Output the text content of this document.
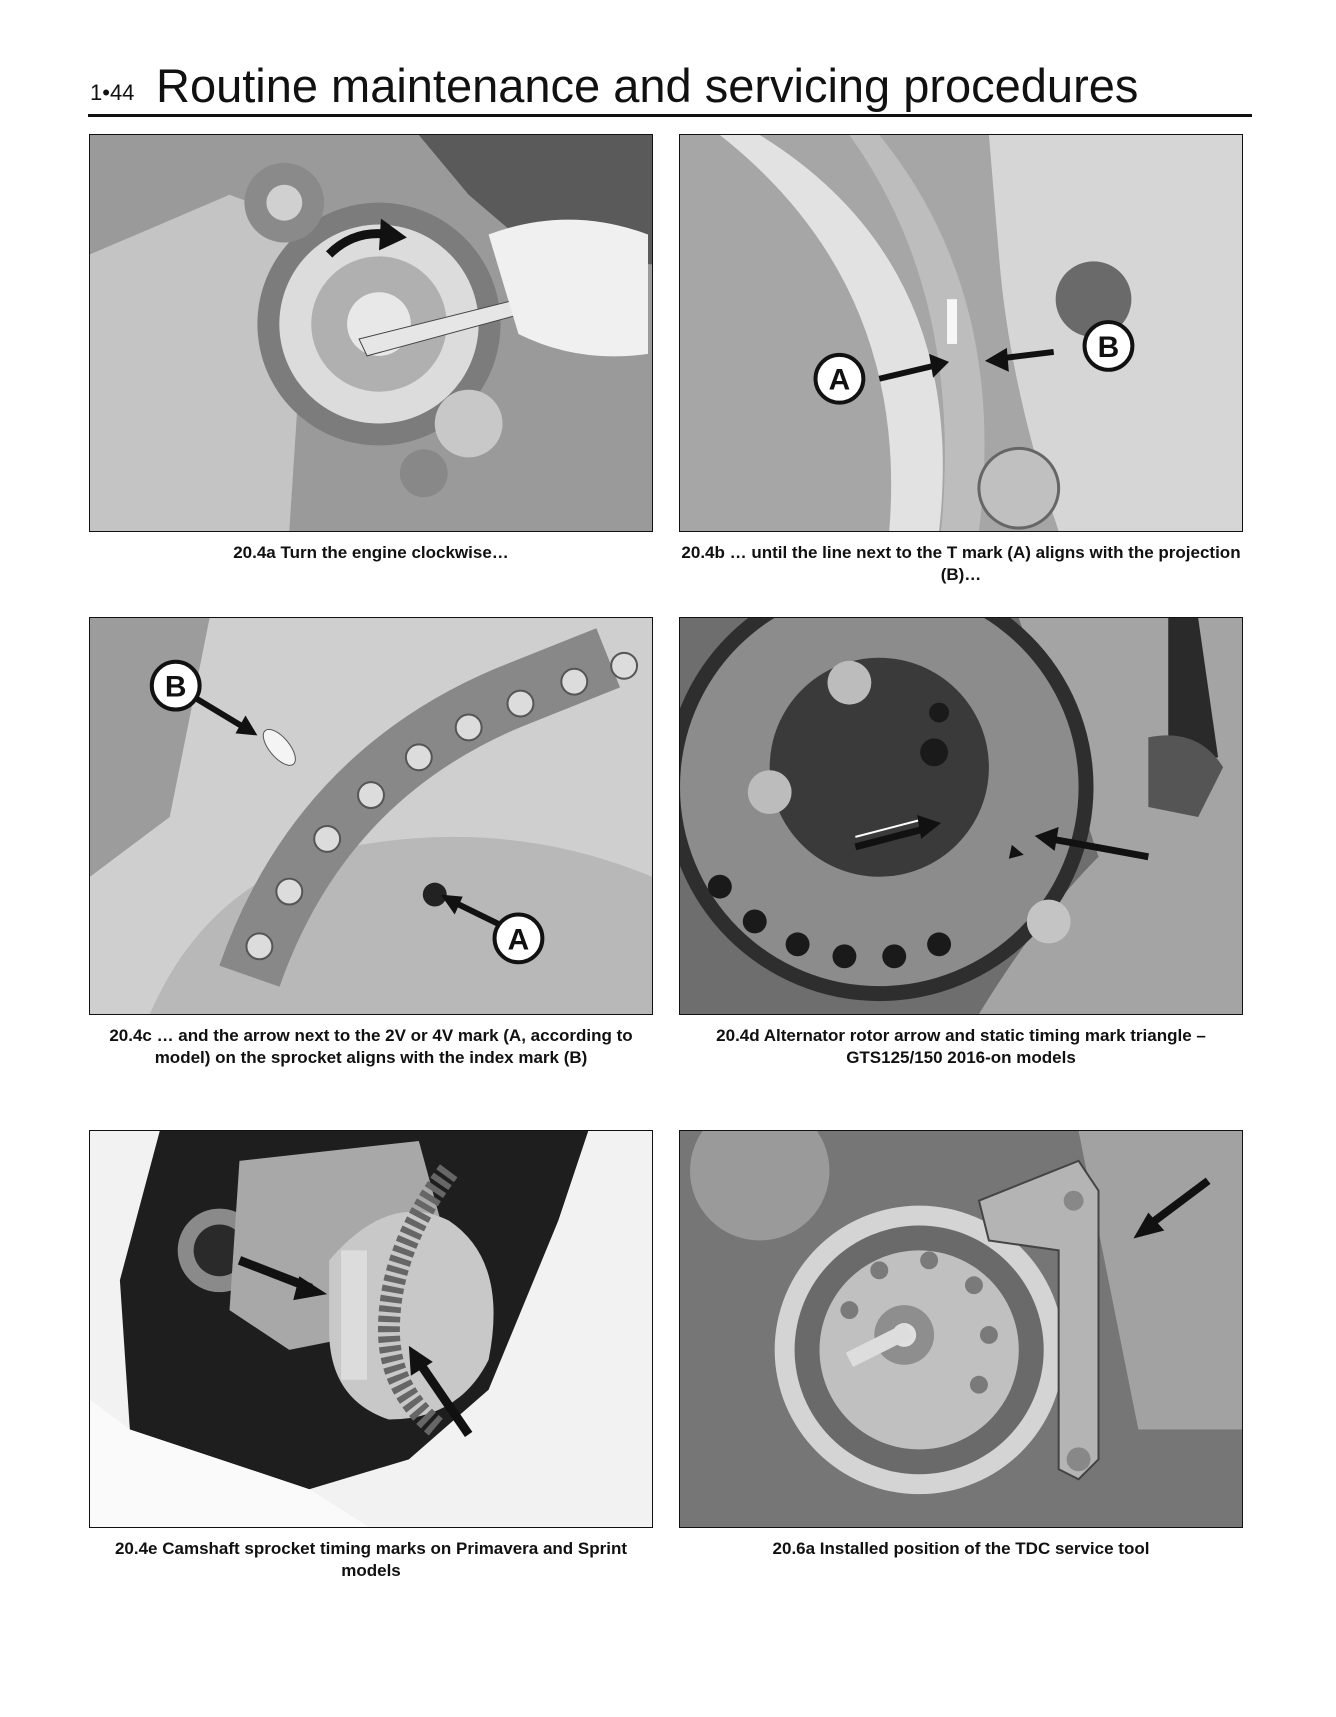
1•44 Routine maintenance and servicing procedures
20.4a Turn the engine clockwise…
A
B
20.4b … until the line next to the T mark (A) aligns with the projection (B)…
B
A
20.4c … and the arrow next to the 2V or 4V mark (A, according to model) on the sprocket aligns with the index mark (B)
20.4d Alternator rotor arrow and static timing mark triangle – GTS125/150 2016-on models
20.4e Camshaft sprocket timing marks on Primavera and Sprint models
20.6a Installed position of the TDC service tool
